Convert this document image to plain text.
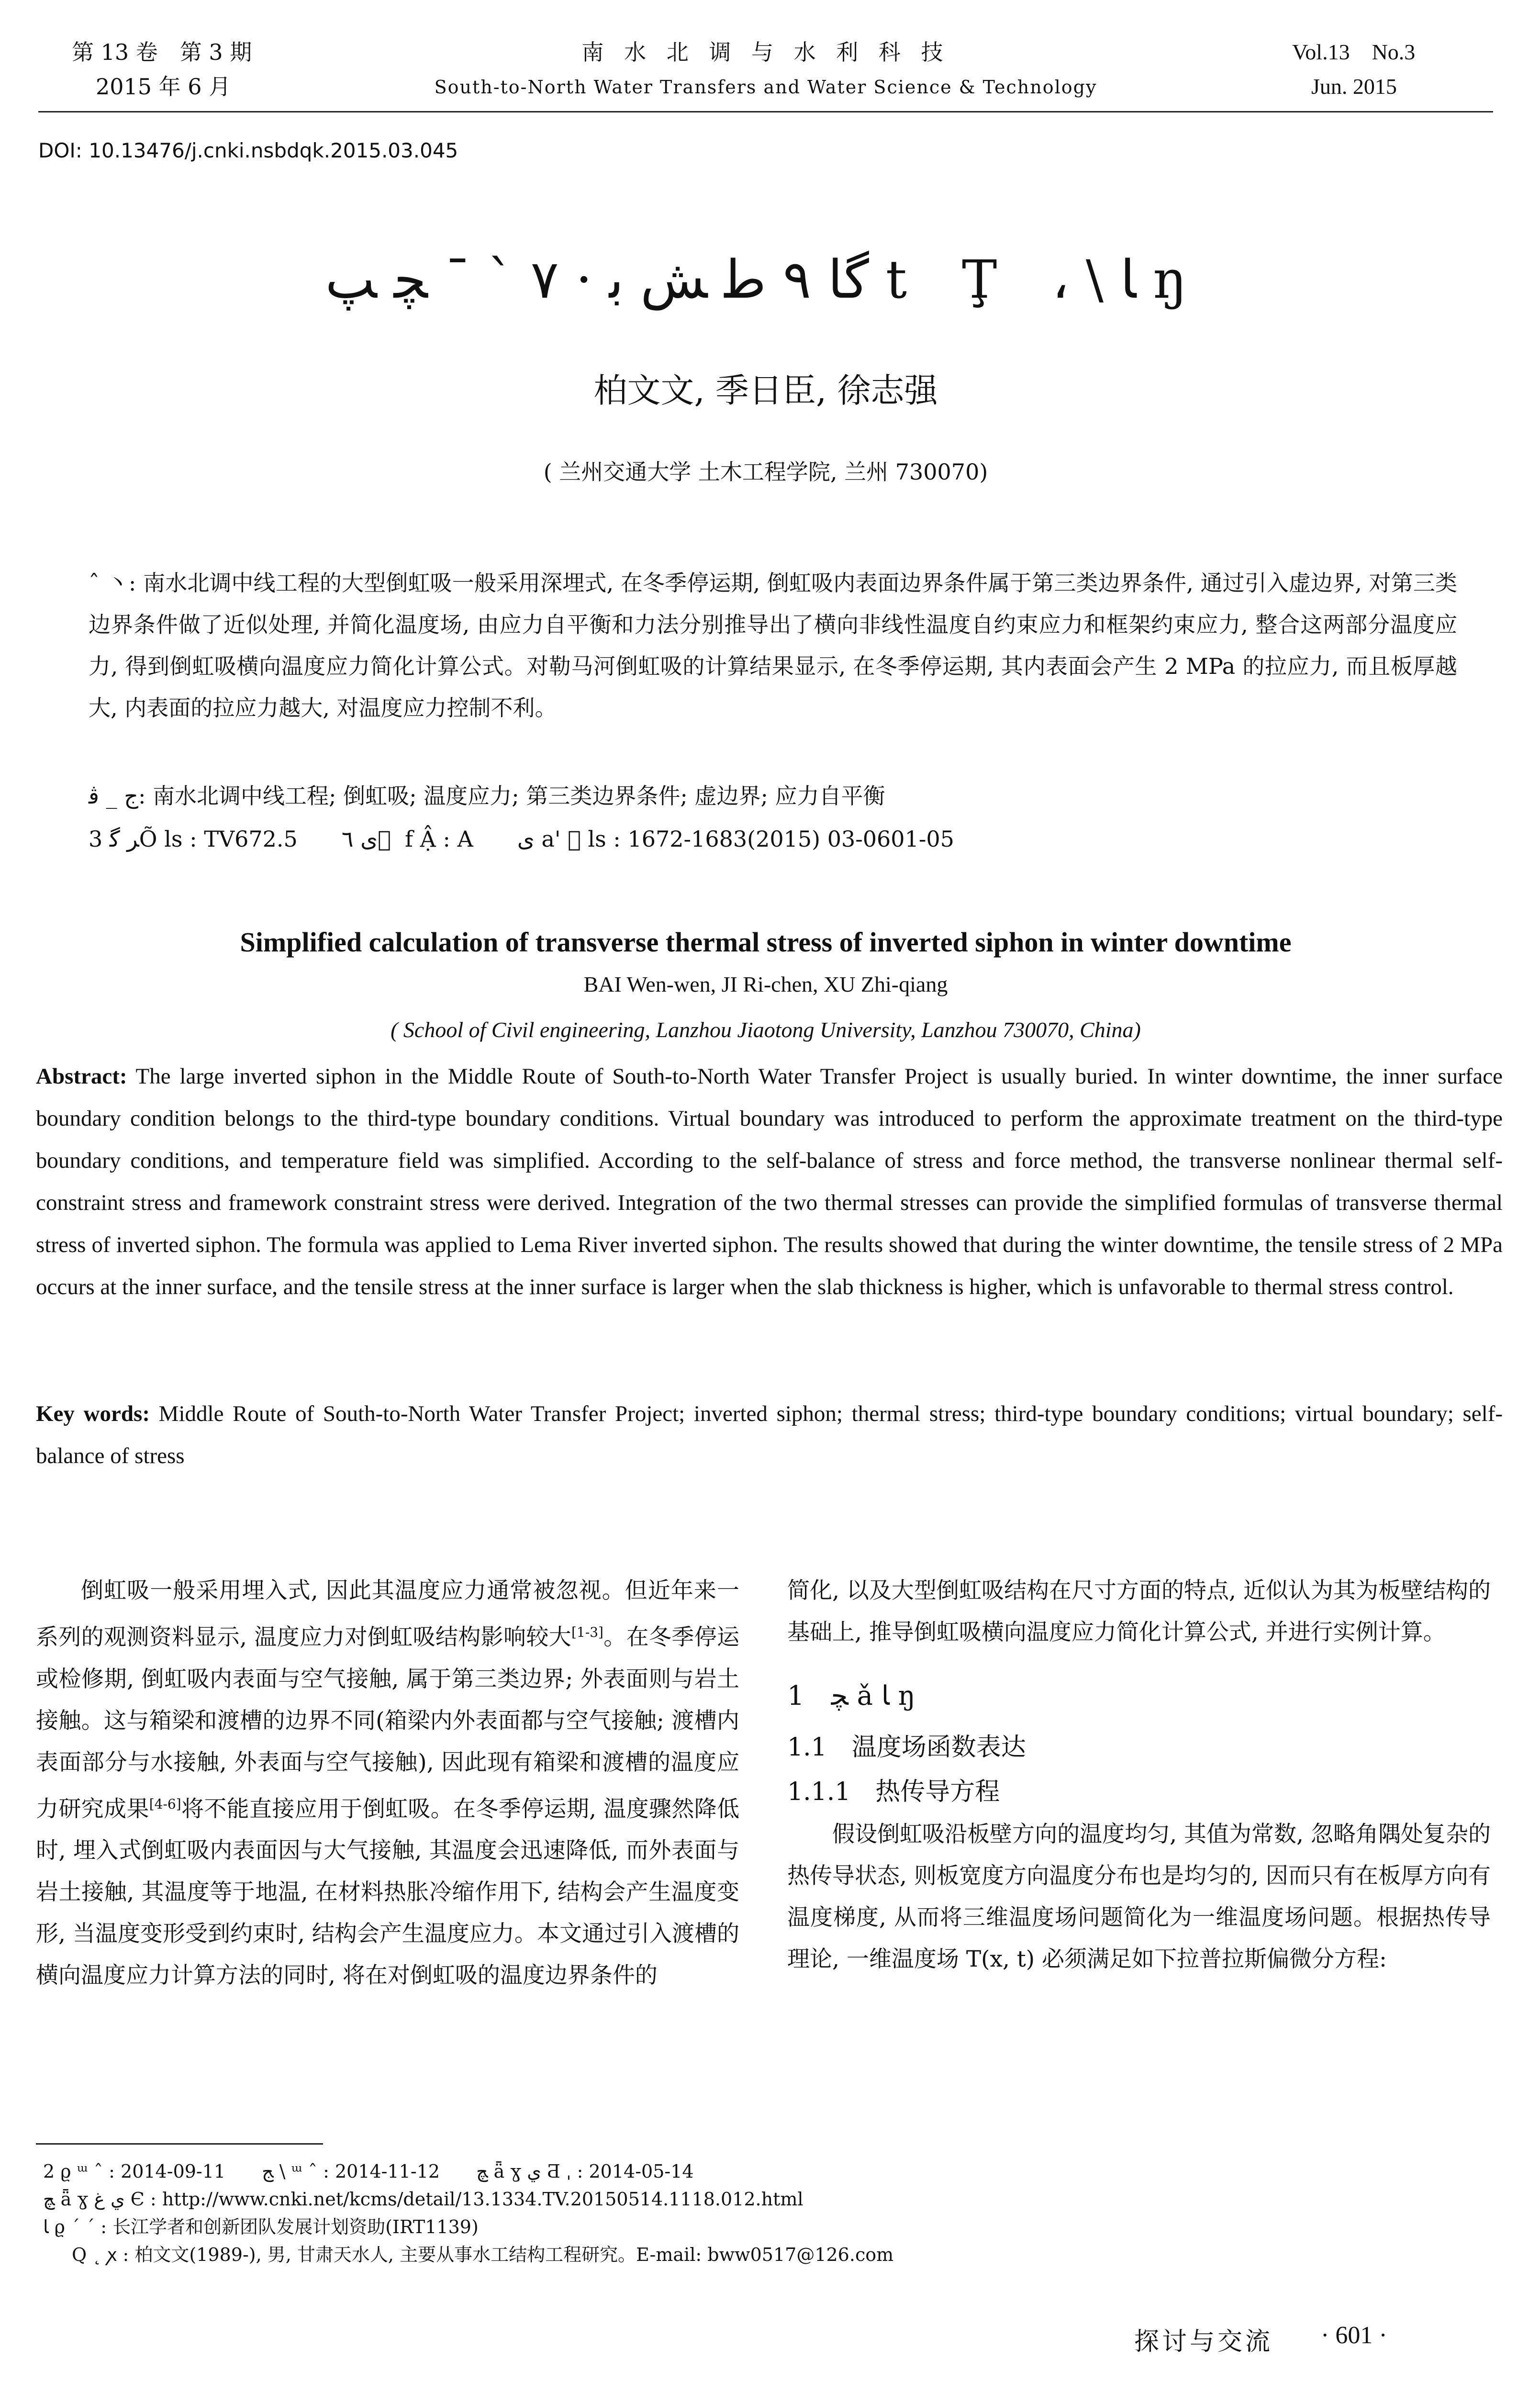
第 13 卷　第 3 期
2015 年 6 月
南 水 北 调 与 水 利 科 技
South-to-North Water Transfers and Water Science & Technology
Vol.13　No.3
Jun. 2015
DOI: 10.13476/j.cnki.nsbdqk.2015.03.045
ﮔﺎ ٩ ﻃ ﺶ ﺑ · ٧ ` ¯ ﭽ ﭗ t Ţ ، \ ﺎ ŋ
柏文文, 季日臣, 徐志强
( 兰州交通大学 土木工程学院, 兰州 730070)
ˆ 丶: 南水北调中线工程的大型倒虹吸一般采用深埋式, 在冬季停运期, 倒虹吸内表面边界条件属于第三类边界条件, 通过引入虚边界, 对第三类边界条件做了近似处理, 并简化温度场, 由应力自平衡和力法分别推导出了横向非线性温度自约束应力和框架约束应力, 整合这两部分温度应力, 得到倒虹吸横向温度应力简化计算公式。对勒马河倒虹吸的计算结果显示, 在冬季停运期, 其内表面会产生 2 MPa 的拉应力, 而且板厚越大, 内表面的拉应力越大, 对温度应力控制不利。
ﺝ _ ﭬ: 南水北调中线工程; 倒虹吸; 温度应力; 第三类边界条件; 虚边界; 应力自平衡
3 ﺮ ﮔÕ ls : TV672.5　　ﻯ ٦ ⃞ f Ậ : A　　ﻯ a' ⃞ ls : 1672-1683(2015) 03-0601-05
Simplified calculation of transverse thermal stress of inverted siphon in winter downtime
BAI Wen-wen, JI Ri-chen, XU Zhi-qiang
( School of Civil engineering, Lanzhou Jiaotong University, Lanzhou 730070, China)
Abstract: The large inverted siphon in the Middle Route of South-to-North Water Transfer Project is usually buried. In winter downtime, the inner surface boundary condition belongs to the third-type boundary conditions. Virtual boundary was introduced to perform the approximate treatment on the third-type boundary conditions, and temperature field was simplified. According to the self-balance of stress and force method, the transverse nonlinear thermal self-constraint stress and framework constraint stress were derived. Integration of the two thermal stresses can provide the simplified formulas of transverse thermal stress of inverted siphon. The formula was applied to Lema River inverted siphon. The results showed that during the winter downtime, the tensile stress of 2 MPa occurs at the inner surface, and the tensile stress at the inner surface is larger when the slab thickness is higher, which is unfavorable to thermal stress control.
Key words: Middle Route of South-to-North Water Transfer Project; inverted siphon; thermal stress; third-type boundary conditions; virtual boundary; self-balance of stress
倒虹吸一般采用埋入式, 因此其温度应力通常被忽视。但近年来一系列的观测资料显示, 温度应力对倒虹吸结构影响较大[1-3]。在冬季停运或检修期, 倒虹吸内表面与空气接触, 属于第三类边界; 外表面则与岩土接触。这与箱梁和渡槽的边界不同(箱梁内外表面都与空气接触; 渡槽内表面部分与水接触, 外表面与空气接触), 因此现有箱梁和渡槽的温度应力研究成果[4-6]将不能直接应用于倒虹吸。在冬季停运期, 温度骤然降低时, 埋入式倒虹吸内表面因与大气接触, 其温度会迅速降低, 而外表面与岩土接触, 其温度等于地温, 在材料热胀冷缩作用下, 结构会产生温度变形, 当温度变形受到约束时, 结构会产生温度应力。本文通过引入渡槽的横向温度应力计算方法的同时, 将在对倒虹吸的温度边界条件的
简化, 以及大型倒虹吸结构在尺寸方面的特点, 近似认为其为板壁结构的基础上, 推导倒虹吸横向温度应力简化计算公式, 并进行实例计算。
1　ﭽ ǎ ﺎ ŋ
1.1　温度场函数表达
1.1.1　热传导方程
假设倒虹吸沿板壁方向的温度均匀, 其值为常数, 忽略角隅处复杂的热传导状态, 则板宽度方向温度分布也是均匀的, 因而只有在板厚方向有温度梯度, 从而将三维温度场问题简化为一维温度场问题。根据热传导理论, 一维温度场 T(x, t) 必须满足如下拉普拉斯偏微分方程:
2 ϱ ᵚ ˆ : 2014-09-11　　ﺞ \ ᵚ ˆ : 2014-11-12　　ﭻ ǟ ɣ ﻱ Ƌ ˌ : 2014-05-14
ﭻ ǟ ɣ ﻱ ﻍ Є : http://www.cnki.net/kcms/detail/13.1334.TV.20150514.1118.012.html
ﺎ ϱ ˊ ˊ : 长江学者和创新团队发展计划资助(IRT1139)
Q ˛ ꭗ : 柏文文(1989-), 男, 甘肃天水人, 主要从事水工结构工程研究。E-mail: bww0517@126.com
探讨与交流 · 601 ·
